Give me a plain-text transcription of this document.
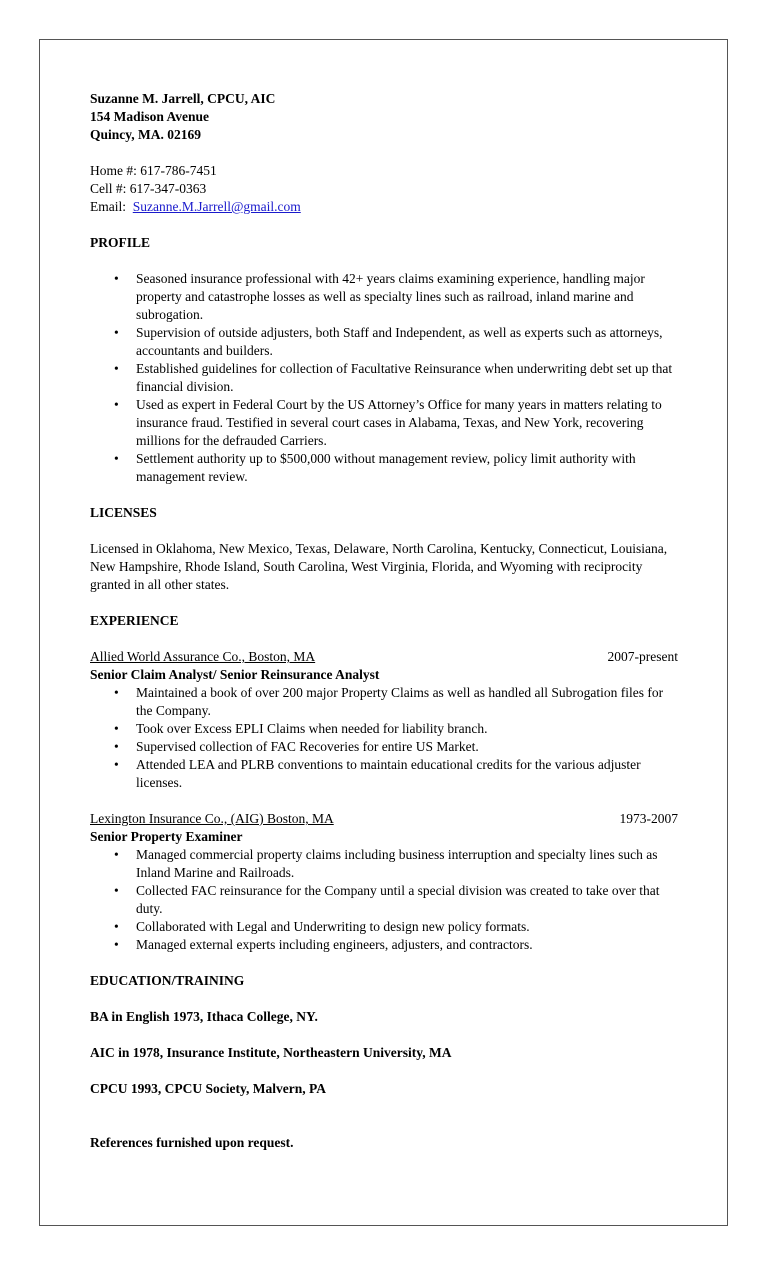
Suzanne M. Jarrell, CPCU, AIC
154 Madison Avenue
Quincy, MA. 02169
Home #: 617-786-7451
Cell #: 617-347-0363
Email: Suzanne.M.Jarrell@gmail.com

PROFILE

• Seasoned insurance professional with 42+ years claims examining experience, handling major property and catastrophe losses as well as specialty lines such as railroad, inland marine and subrogation.
• Supervision of outside adjusters, both Staff and Independent, as well as experts such as attorneys, accountants and builders.
• Established guidelines for collection of Facultative Reinsurance when underwriting debt set up that financial division.
• Used as expert in Federal Court by the US Attorney’s Office for many years in matters relating to insurance fraud. Testified in several court cases in Alabama, Texas, and New York, recovering millions for the defrauded Carriers.
• Settlement authority up to $500,000 without management review, policy limit authority with management review.

LICENSES

Licensed in Oklahoma, New Mexico, Texas, Delaware, North Carolina, Kentucky, Connecticut, Louisiana, New Hampshire, Rhode Island, South Carolina, West Virginia, Florida, and Wyoming with reciprocity granted in all other states.

EXPERIENCE

Allied World Assurance Co., Boston, MA	2007-present
Senior Claim Analyst/ Senior Reinsurance Analyst
• Maintained a book of over 200 major Property Claims as well as handled all Subrogation files for the Company.
• Took over Excess EPLI Claims when needed for liability branch.
• Supervised collection of FAC Recoveries for entire US Market.
• Attended LEA and PLRB conventions to maintain educational credits for the various adjuster licenses.
Lexington Insurance Co., (AIG) Boston, MA	1973-2007
Senior Property Examiner
• Managed commercial property claims including business interruption and specialty lines such as Inland Marine and Railroads.
• Collected FAC reinsurance for the Company until a special division was created to take over that duty.
• Collaborated with Legal and Underwriting to design new policy formats.
• Managed external experts including engineers, adjusters, and contractors.

EDUCATION/TRAINING

BA in English 1973, Ithaca College, NY.
AIC in 1978, Insurance Institute, Northeastern University, MA
CPCU 1993, CPCU Society, Malvern, PA
References furnished upon request.
